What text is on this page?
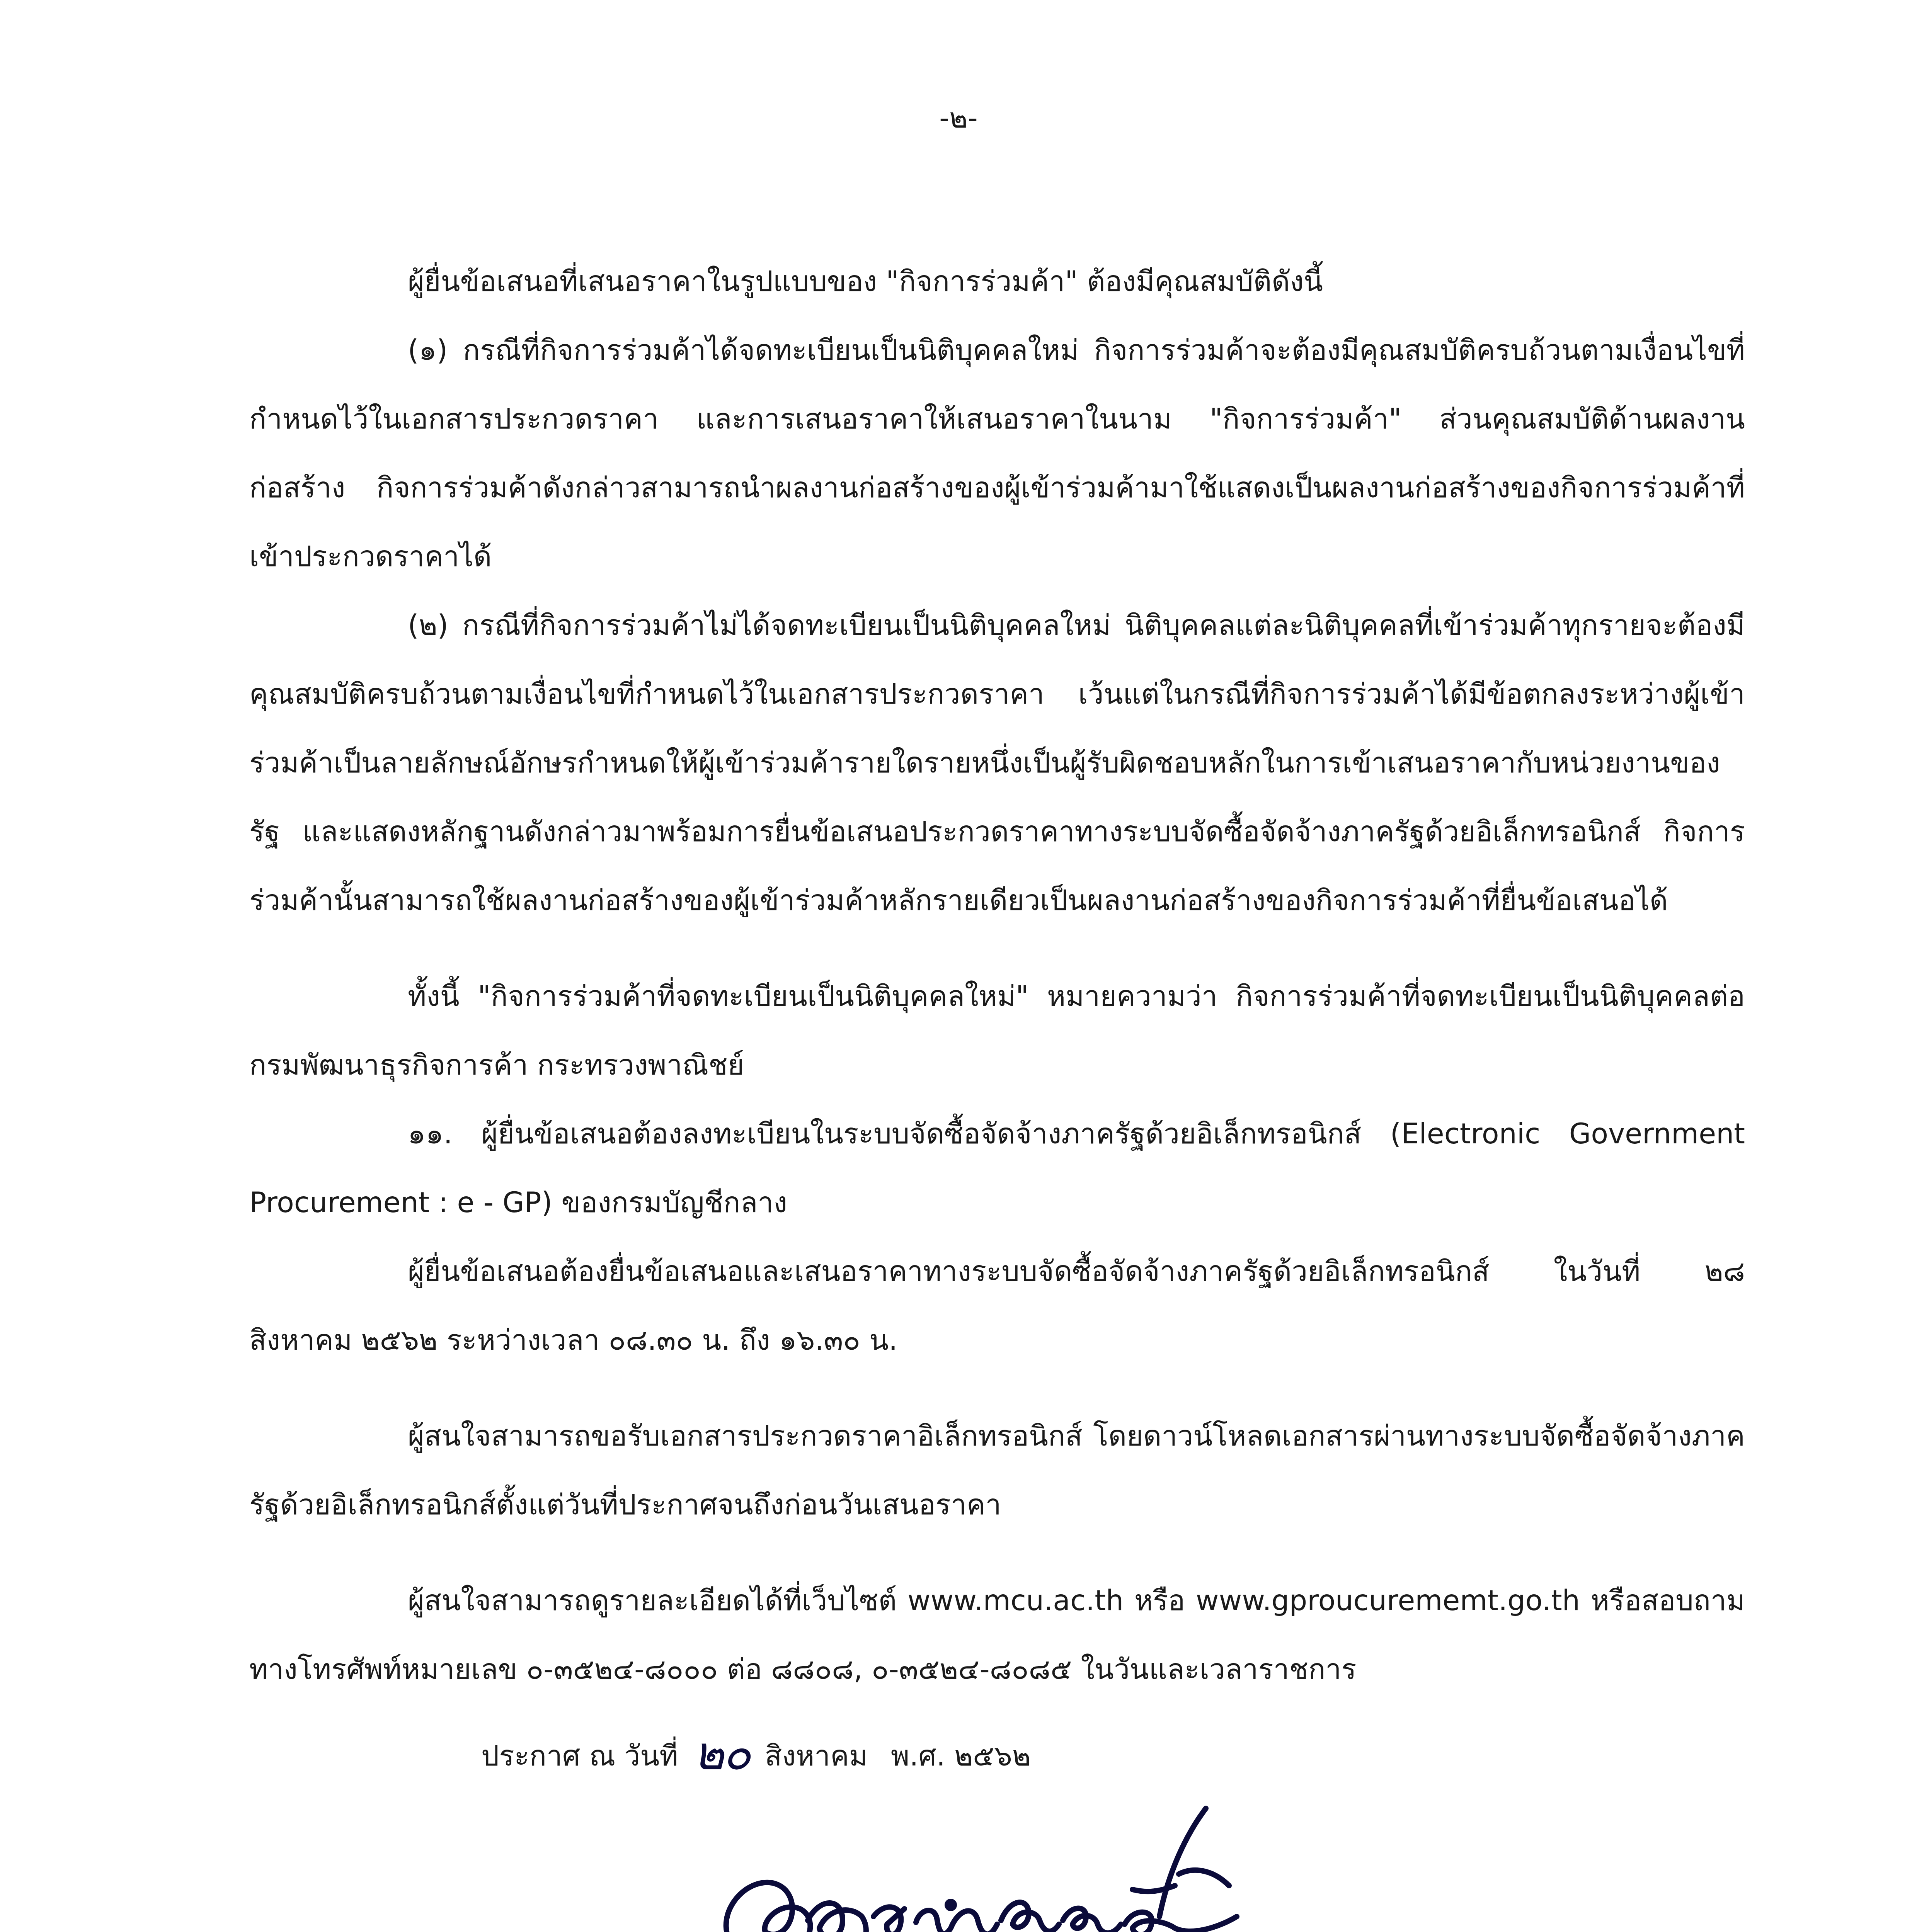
-๒-

ผู้ยื่นข้อเสนอที่เสนอราคาในรูปแบบของ "กิจการร่วมค้า" ต้องมีคุณสมบัติดังนี้

(๑) กรณีที่กิจการร่วมค้าได้จดทะเบียนเป็นนิติบุคคลใหม่ กิจการร่วมค้าจะต้องมีคุณสมบัติครบถ้วนตามเงื่อนไขที่กำหนดไว้ในเอกสารประกวดราคา และการเสนอราคาให้เสนอราคาในนาม "กิจการร่วมค้า" ส่วนคุณสมบัติด้านผลงานก่อสร้าง กิจการร่วมค้าดังกล่าวสามารถนำผลงานก่อสร้างของผู้เข้าร่วมค้ามาใช้แสดงเป็นผลงานก่อสร้างของกิจการร่วมค้าที่เข้าประกวดราคาได้

(๒) กรณีที่กิจการร่วมค้าไม่ได้จดทะเบียนเป็นนิติบุคคลใหม่ นิติบุคคลแต่ละนิติบุคคลที่เข้าร่วมค้าทุกรายจะต้องมีคุณสมบัติครบถ้วนตามเงื่อนไขที่กำหนดไว้ในเอกสารประกวดราคา เว้นแต่ในกรณีที่กิจการร่วมค้าได้มีข้อตกลงระหว่างผู้เข้าร่วมค้าเป็นลายลักษณ์อักษรกำหนดให้ผู้เข้าร่วมค้ารายใดรายหนึ่งเป็นผู้รับผิดชอบหลักในการเข้าเสนอราคากับหน่วยงานของรัฐ และแสดงหลักฐานดังกล่าวมาพร้อมการยื่นข้อเสนอประกวดราคาทางระบบจัดซื้อจัดจ้างภาครัฐด้วยอิเล็กทรอนิกส์ กิจการร่วมค้านั้นสามารถใช้ผลงานก่อสร้างของผู้เข้าร่วมค้าหลักรายเดียวเป็นผลงานก่อสร้างของกิจการร่วมค้าที่ยื่นข้อเสนอได้

ทั้งนี้ "กิจการร่วมค้าที่จดทะเบียนเป็นนิติบุคคลใหม่" หมายความว่า กิจการร่วมค้าที่จดทะเบียนเป็นนิติบุคคลต่อกรมพัฒนาธุรกิจการค้า กระทรวงพาณิชย์

๑๑. ผู้ยื่นข้อเสนอต้องลงทะเบียนในระบบจัดซื้อจัดจ้างภาครัฐด้วยอิเล็กทรอนิกส์ (Electronic Government Procurement : e - GP) ของกรมบัญชีกลาง

ผู้ยื่นข้อเสนอต้องยื่นข้อเสนอและเสนอราคาทางระบบจัดซื้อจัดจ้างภาครัฐด้วยอิเล็กทรอนิกส์ ในวันที่ ๒๘ สิงหาคม ๒๕๖๒ ระหว่างเวลา ๐๘.๓๐ น. ถึง ๑๖.๓๐ น.

ผู้สนใจสามารถขอรับเอกสารประกวดราคาอิเล็กทรอนิกส์ โดยดาวน์โหลดเอกสารผ่านทางระบบจัดซื้อจัดจ้างภาครัฐด้วยอิเล็กทรอนิกส์ตั้งแต่วันที่ประกาศจนถึงก่อนวันเสนอราคา

ผู้สนใจสามารถดูรายละเอียดได้ที่เว็บไซต์ www.mcu.ac.th หรือ www.gproucurememt.go.th หรือสอบถามทางโทรศัพท์หมายเลข ๐-๓๕๒๔-๘๐๐๐ ต่อ ๘๘๐๘, ๐-๓๕๒๔-๘๐๘๕ ในวันและเวลาราชการ

ประกาศ ณ วันที่ ๒๐ สิงหาคม พ.ศ. ๒๕๖๒
